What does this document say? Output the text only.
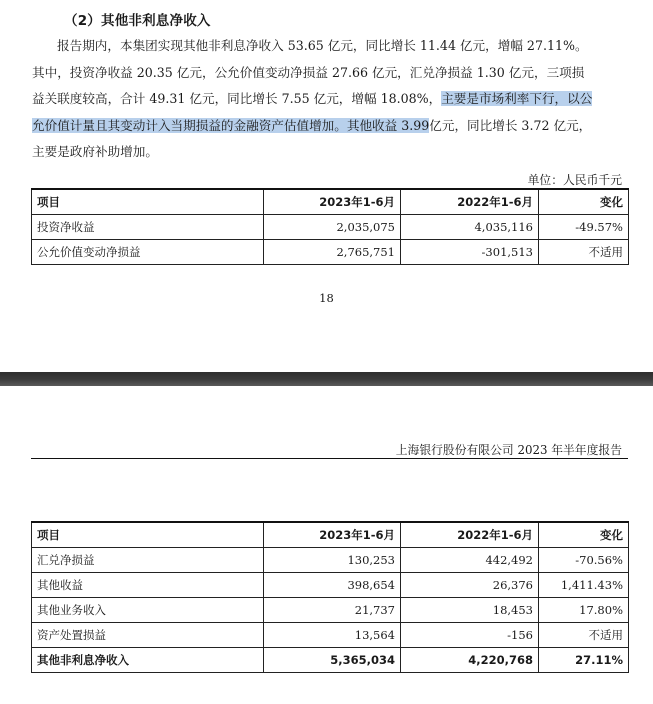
（2）其他非利息净收入
报告期内，本集团实现其他非利息净收入 53.65 亿元，同比增长 11.44 亿元，增幅 27.11%。
其中，投资净收益 20.35 亿元，公允价值变动净损益 27.66 亿元，汇兑净损益 1.30 亿元，三项损
益关联度较高，合计 49.31 亿元，同比增长 7.55 亿元，增幅 18.08%，主要是市场利率下行，以公
允价值计量且其变动计入当期损益的金融资产估值增加。其他收益 3.99亿元，同比增长 3.72 亿元，
主要是政府补助增加。
单位：人民币千元
项目	2023年1-6月	2022年1-6月	变化
投资净收益	2,035,075	4,035,116	-49.57%
公允价值变动净损益	2,765,751	-301,513	不适用
18
上海银行股份有限公司 2023 年半年度报告
项目	2023年1-6月	2022年1-6月	变化
汇兑净损益	130,253	442,492	-70.56%
其他收益	398,654	26,376	1,411.43%
其他业务收入	21,737	18,453	17.80%
资产处置损益	13,564	-156	不适用
其他非利息净收入	5,365,034	4,220,768	27.11%
